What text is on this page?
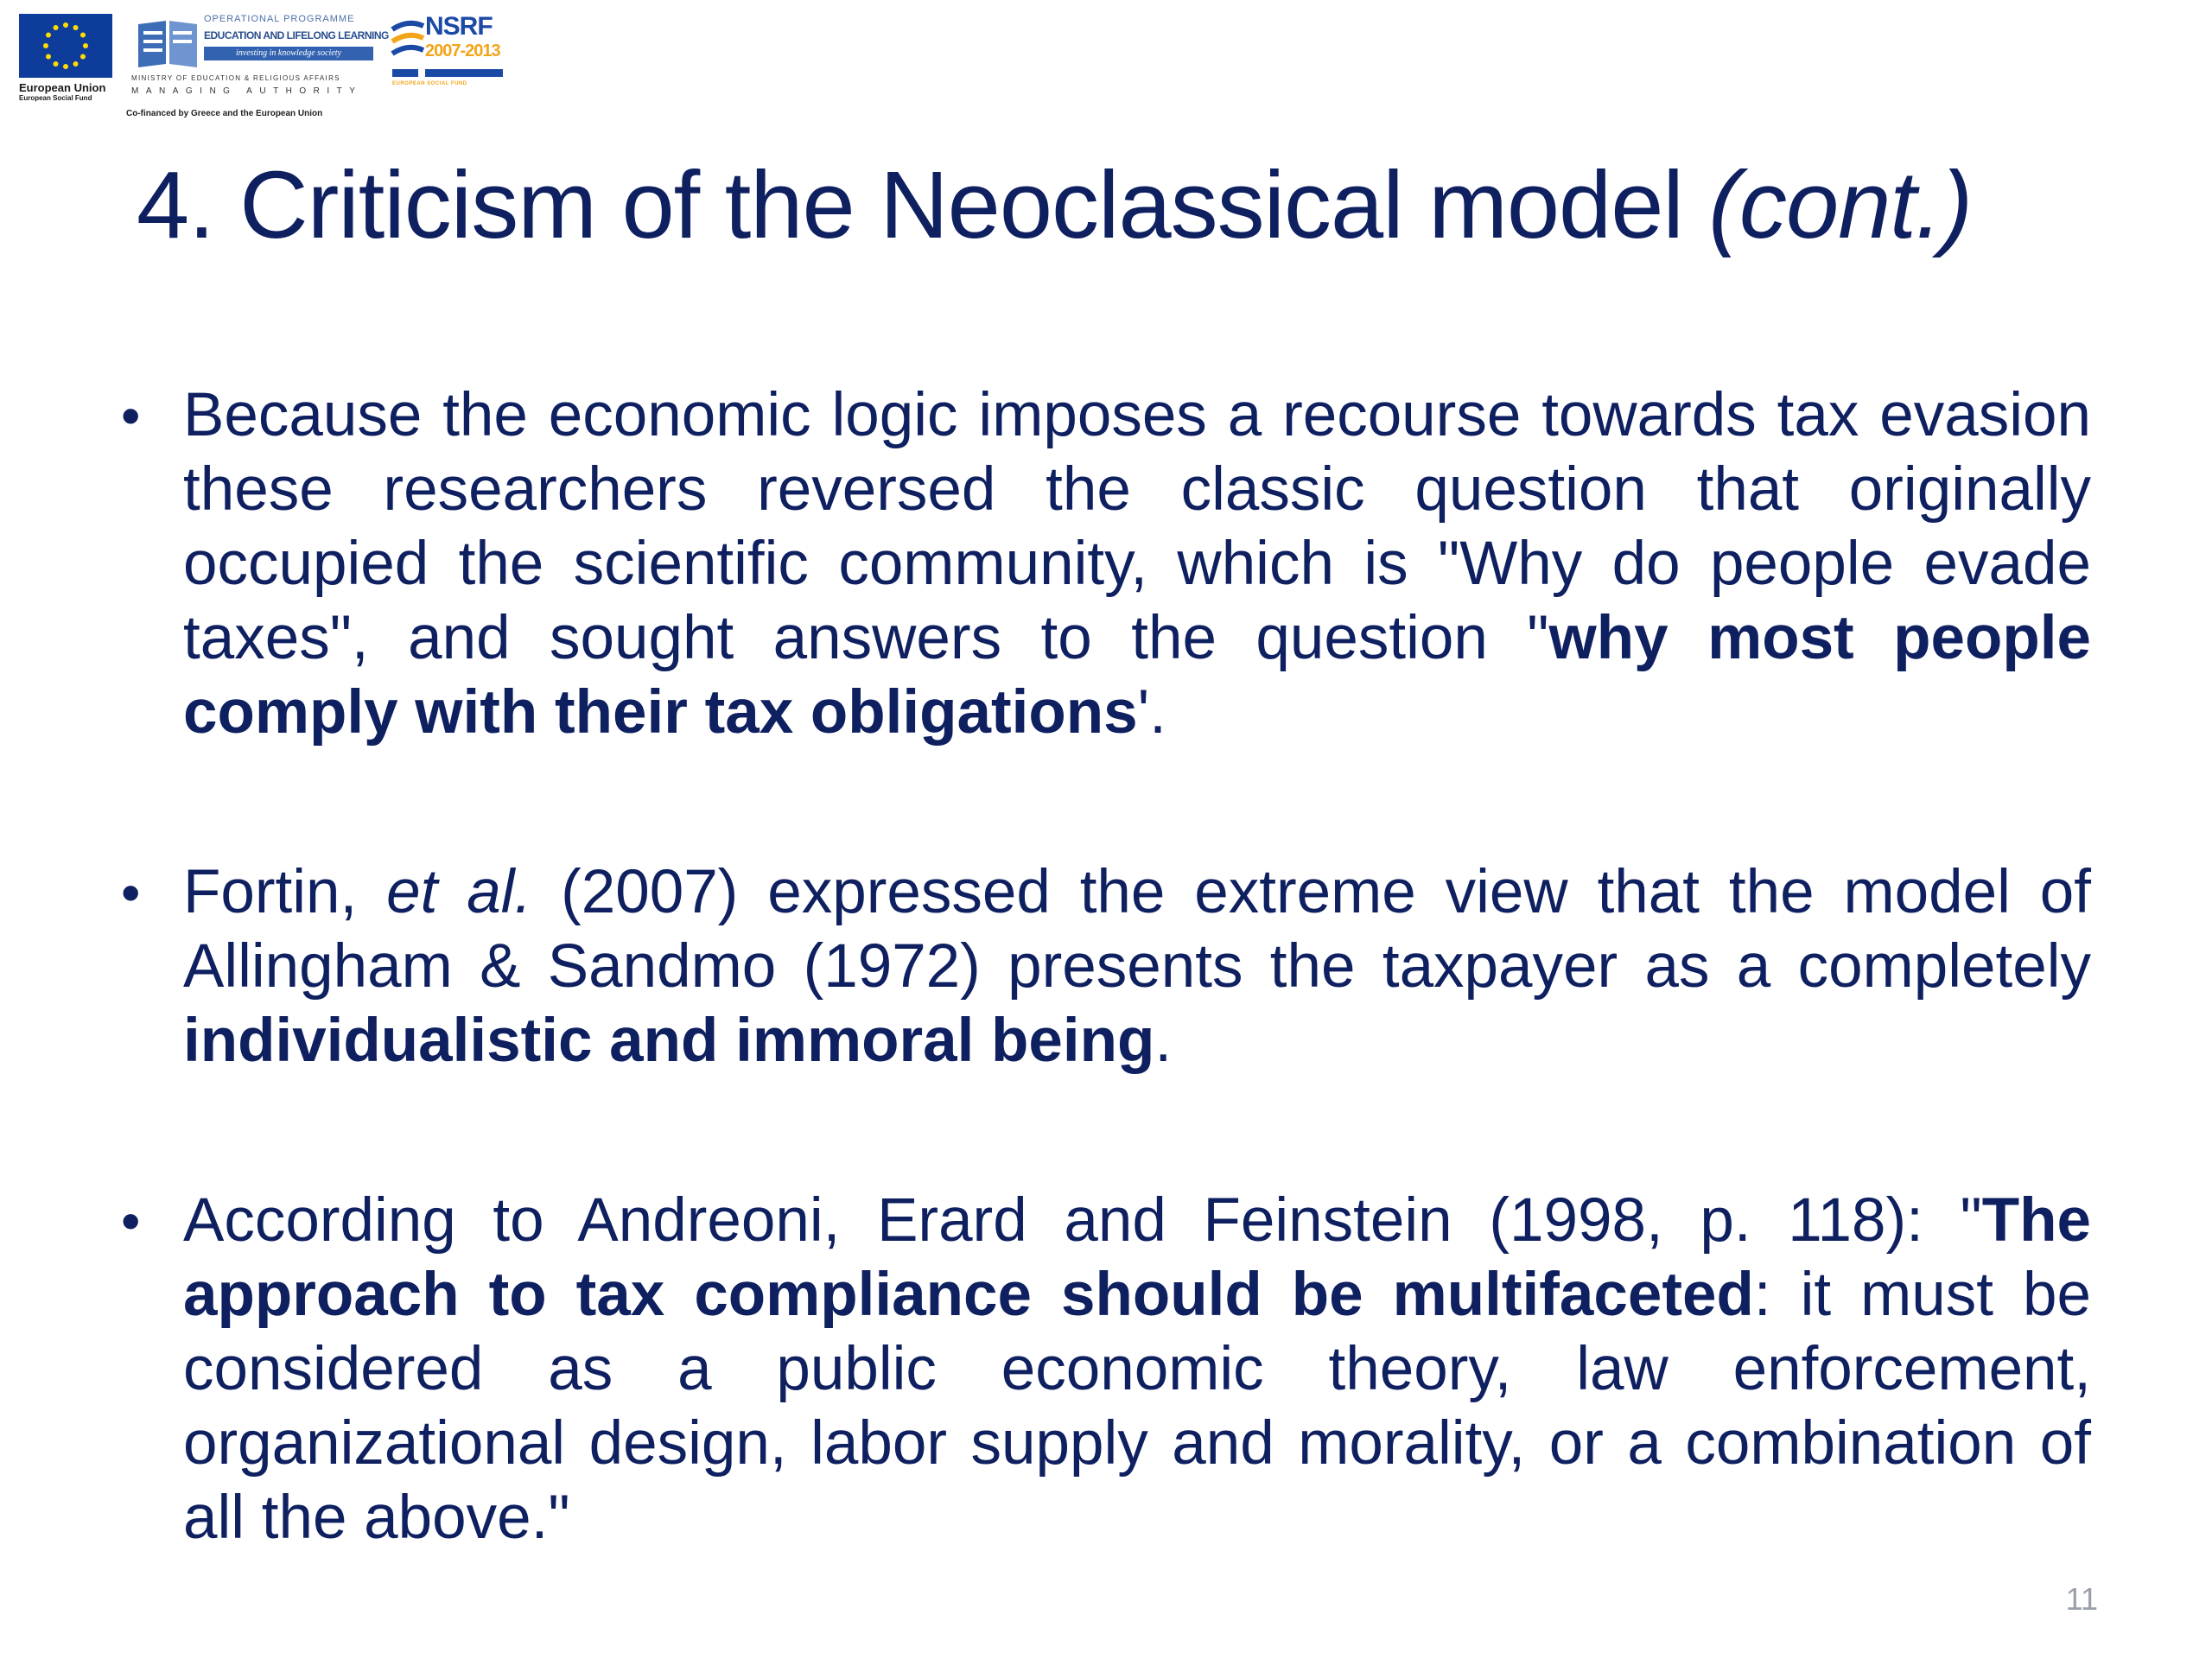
European Union
European Social Fund
OPERATIONAL PROGRAMME
EDUCATION AND LIFELONG LEARNING
investing in knowledge society
MINISTRY OF EDUCATION & RELIGIOUS AFFAIRS
MANAGING AUTHORITY
Co-financed by Greece and the European Union
NSRF
2007-2013
EUROPEAN SOCIAL FUND
4. Criticism of the Neoclassical model (cont.)
• Because the economic logic imposes a recourse towards tax evasion these researchers reversed the classic question that originally occupied the scientific community, which is "Why do people evade taxes", and sought answers to the question "why most people comply with their tax obligations'.
• Fortin, et al. (2007) expressed the extreme view that the model of Allingham & Sandmo (1972) presents the taxpayer as a completely individualistic and immoral being.
• According to Andreoni, Erard and Feinstein (1998, p. 118): "The approach to tax compliance should be multifaceted: it must be considered as a public economic theory, law enforcement, organizational design, labor supply and morality, or a combination of all the above."
11
